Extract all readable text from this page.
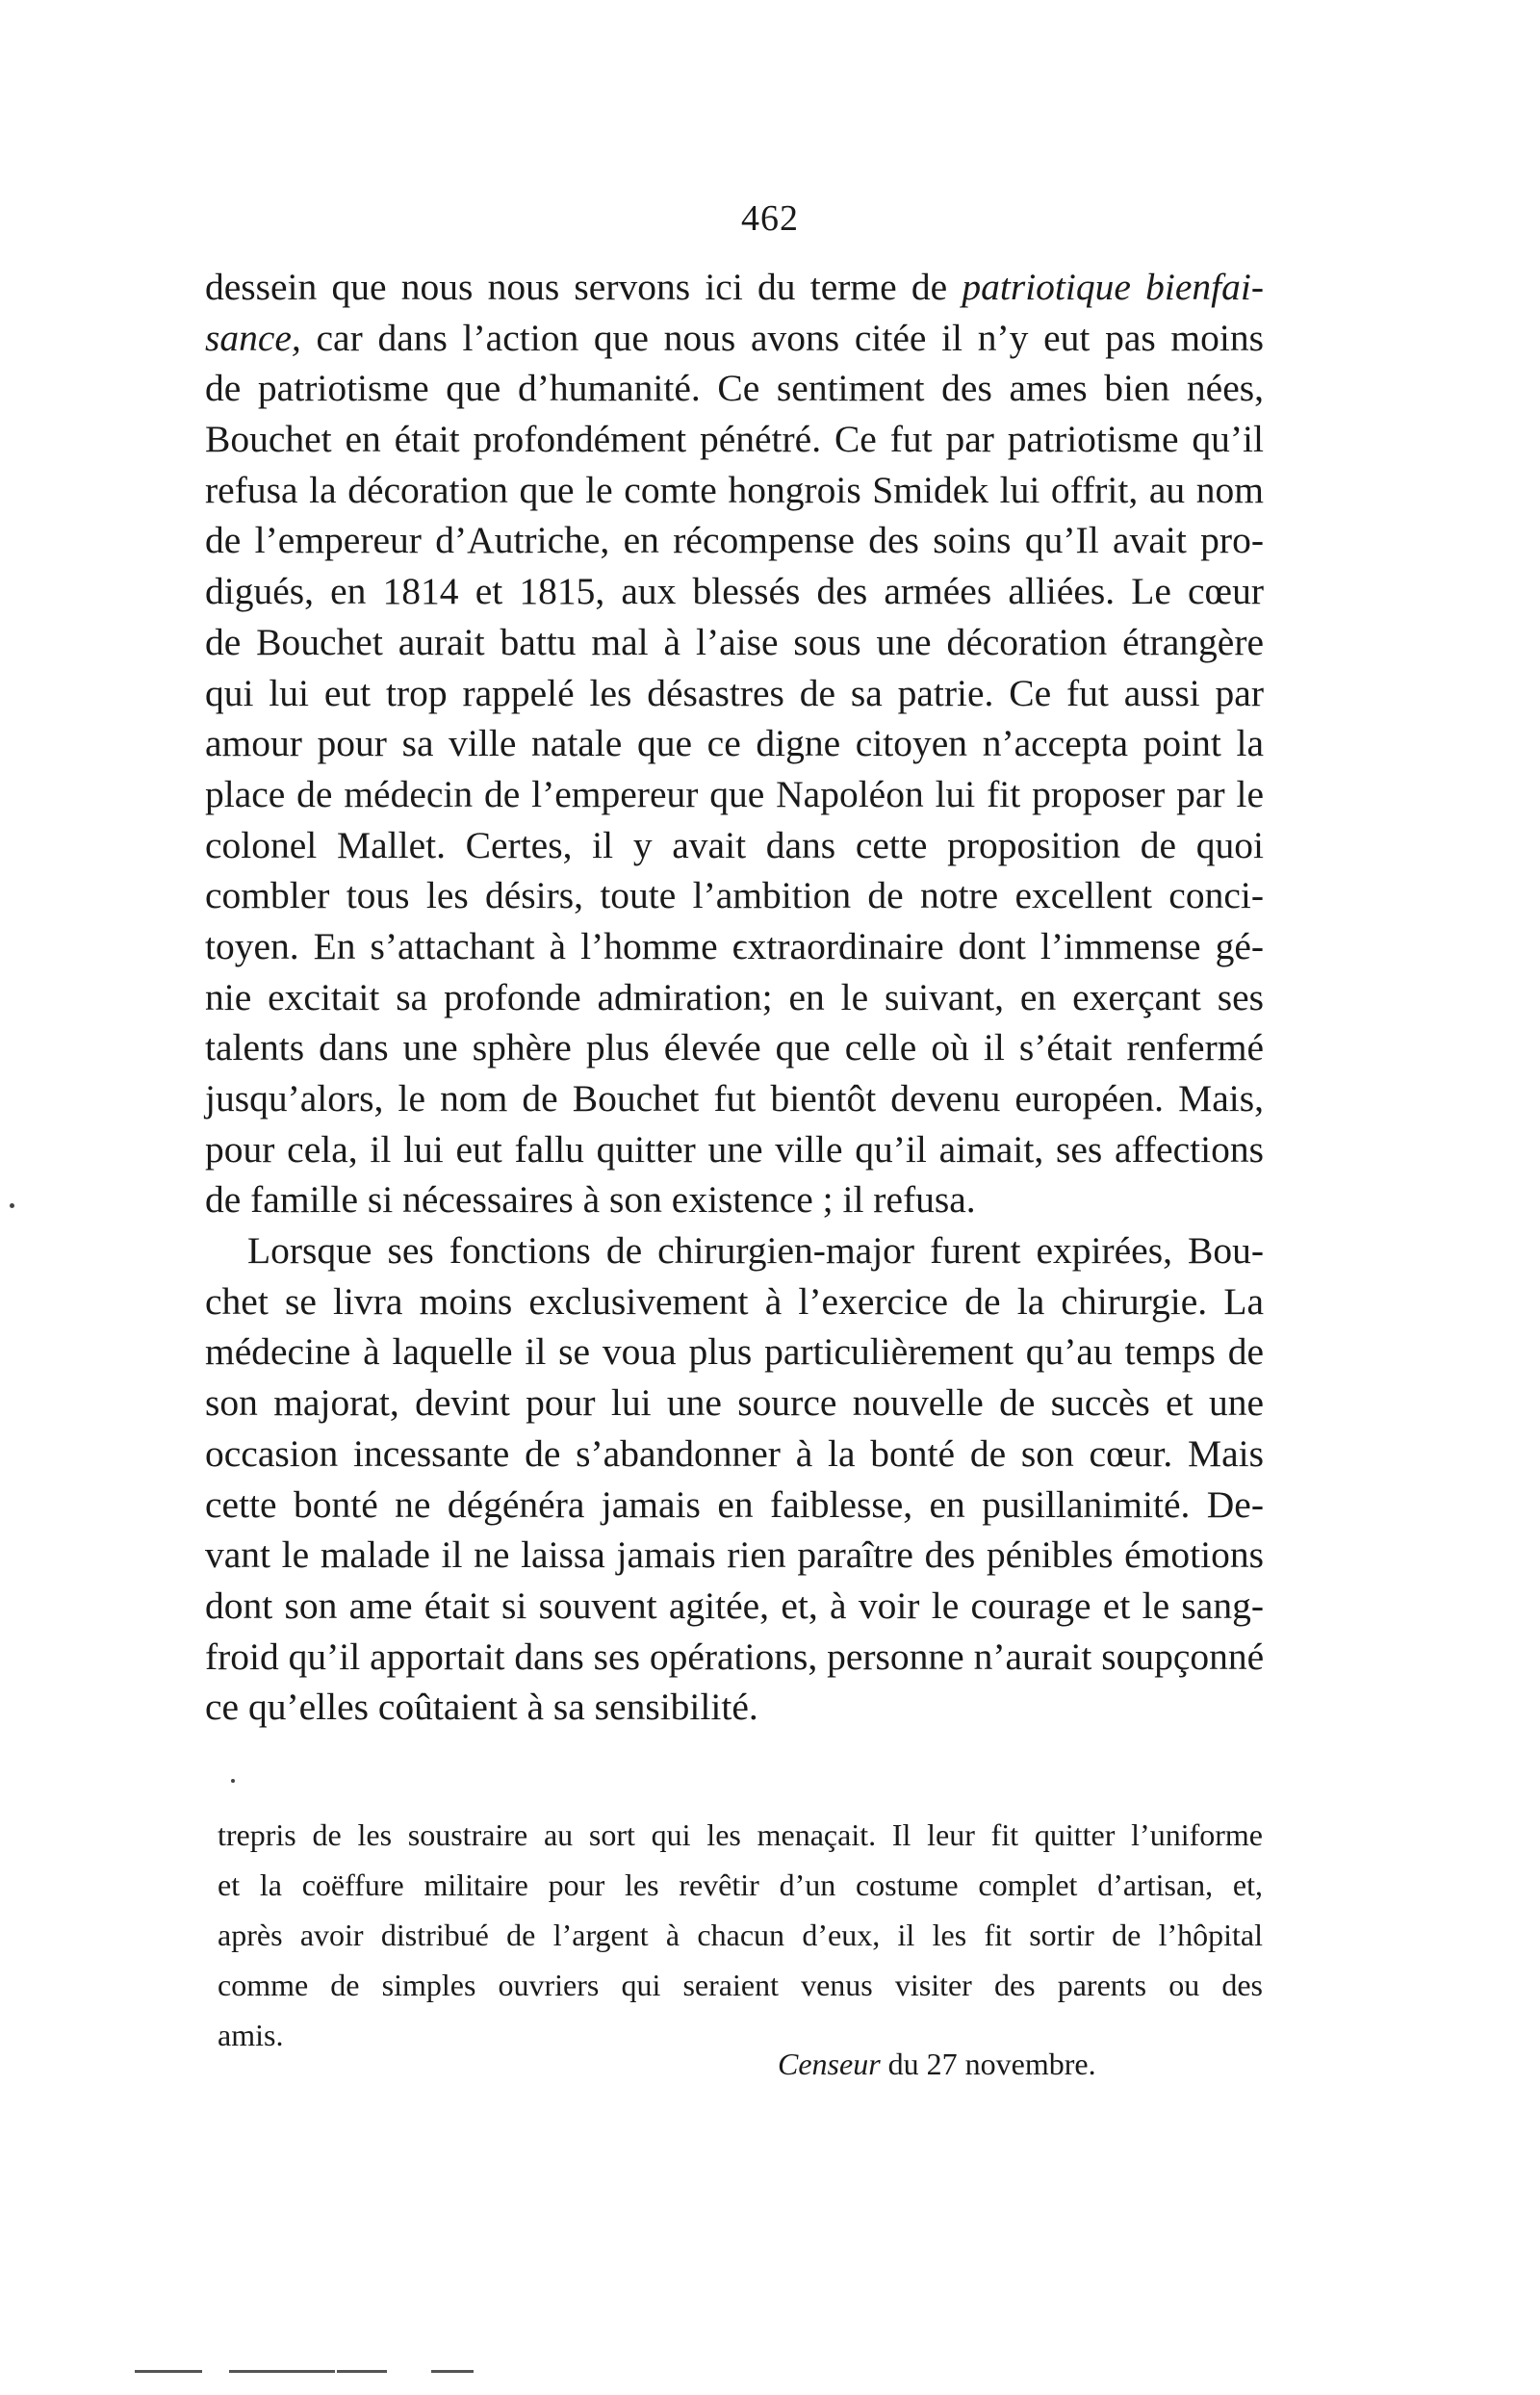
462
dessein que nous nous servons ici du terme de patriotique bienfai-
sance, car dans l’action que nous avons citée il n’y eut pas moins
de patriotisme que d’humanité. Ce sentiment des ames bien nées,
Bouchet en était profondément pénétré. Ce fut par patriotisme qu’il
refusa la décoration que le comte hongrois Smidek lui offrit, au nom
de l’empereur d’Autriche, en récompense des soins qu’Il avait pro-
digués, en 1814 et 1815, aux blessés des armées alliées. Le cœur
de Bouchet aurait battu mal à l’aise sous une décoration étrangère
qui lui eut trop rappelé les désastres de sa patrie. Ce fut aussi par
amour pour sa ville natale que ce digne citoyen n’accepta point la
place de médecin de l’empereur que Napoléon lui fit proposer par le
colonel Mallet. Certes, il y avait dans cette proposition de quoi
combler tous les désirs, toute l’ambition de notre excellent conci-
toyen. En s’attachant à l’homme ϵxtraordinaire dont l’immense gé-
nie excitait sa profonde admiration; en le suivant, en exerçant ses
talents dans une sphère plus élevée que celle où il s’était renfermé
jusqu’alors, le nom de Bouchet fut bientôt devenu européen. Mais,
pour cela, il lui eut fallu quitter une ville qu’il aimait, ses affections
de famille si nécessaires à son existence ; il refusa.
Lorsque ses fonctions de chirurgien-major furent expirées, Bou-
chet se livra moins exclusivement à l’exercice de la chirurgie. La
médecine à laquelle il se voua plus particulièrement qu’au temps de
son majorat, devint pour lui une source nouvelle de succès et une
occasion incessante de s’abandonner à la bonté de son cœur. Mais
cette bonté ne dégénéra jamais en faiblesse, en pusillanimité. De-
vant le malade il ne laissa jamais rien paraître des pénibles émotions
dont son ame était si souvent agitée, et, à voir le courage et le sang-
froid qu’il apportait dans ses opérations, personne n’aurait soupçonné
ce qu’elles coûtaient à sa sensibilité.
trepris de les soustraire au sort qui les menaçait. Il leur fit quitter l’uniforme
et la coëffure militaire pour les revêtir d’un costume complet d’artisan, et,
après avoir distribué de l’argent à chacun d’eux, il les fit sortir de l’hôpital
comme de simples ouvriers qui seraient venus visiter des parents ou des
amis.
Censeur du 27 novembre.
